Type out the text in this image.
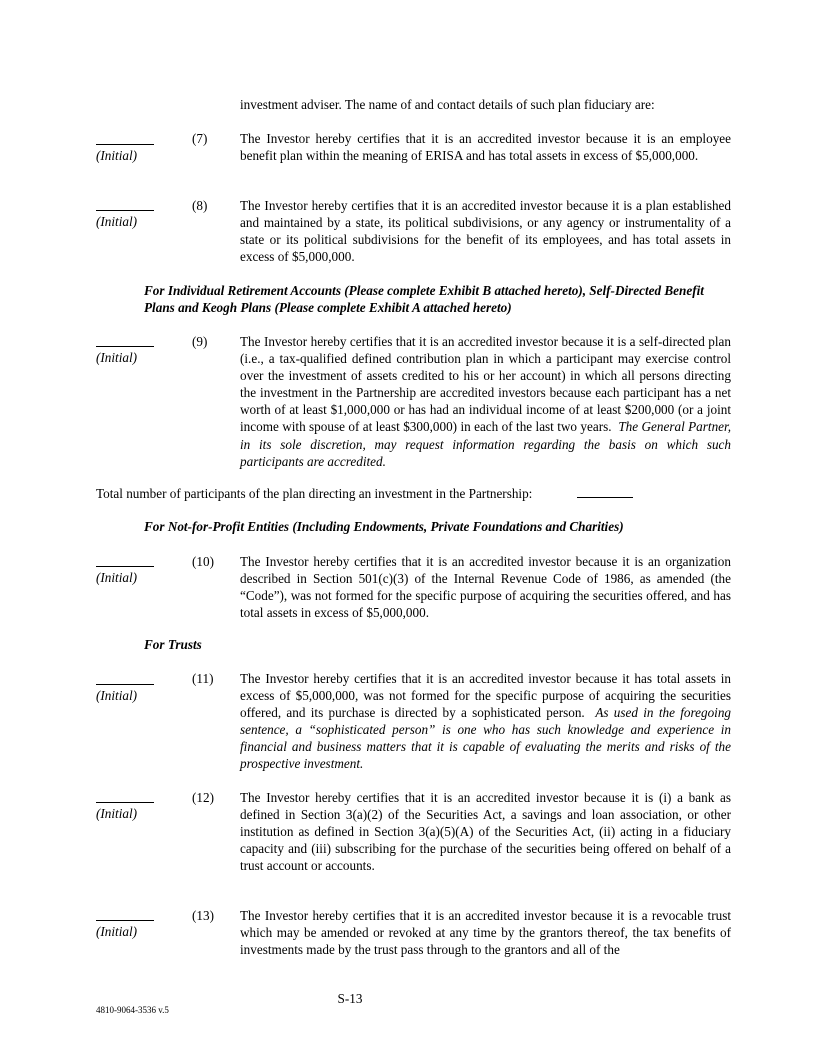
investment adviser. The name of and contact details of such plan fiduciary are:
(Initial)
(7) The Investor hereby certifies that it is an accredited investor because it is an employee benefit plan within the meaning of ERISA and has total assets in excess of $5,000,000.
(Initial)
(8) The Investor hereby certifies that it is an accredited investor because it is a plan established and maintained by a state, its political subdivisions, or any agency or instrumentality of a state or its political subdivisions for the benefit of its employees, and has total assets in excess of $5,000,000.
For Individual Retirement Accounts (Please complete Exhibit B attached hereto), Self-Directed Benefit Plans and Keogh Plans (Please complete Exhibit A attached hereto)
(Initial)
(9) The Investor hereby certifies that it is an accredited investor because it is a self-directed plan (i.e., a tax-qualified defined contribution plan in which a participant may exercise control over the investment of assets credited to his or her account) in which all persons directing the investment in the Partnership are accredited investors because each participant has a net worth of at least $1,000,000 or has had an individual income of at least $200,000 (or a joint income with spouse of at least $300,000) in each of the last two years. The General Partner, in its sole discretion, may request information regarding the basis on which such participants are accredited.
Total number of participants of the plan directing an investment in the Partnership:
For Not-for-Profit Entities (Including Endowments, Private Foundations and Charities)
(Initial)
(10) The Investor hereby certifies that it is an accredited investor because it is an organization described in Section 501(c)(3) of the Internal Revenue Code of 1986, as amended (the “Code”), was not formed for the specific purpose of acquiring the securities offered, and has total assets in excess of $5,000,000.
For Trusts
(Initial)
(11) The Investor hereby certifies that it is an accredited investor because it has total assets in excess of $5,000,000, was not formed for the specific purpose of acquiring the securities offered, and its purchase is directed by a sophisticated person. As used in the foregoing sentence, a “sophisticated person” is one who has such knowledge and experience in financial and business matters that it is capable of evaluating the merits and risks of the prospective investment.
(Initial)
(12) The Investor hereby certifies that it is an accredited investor because it is (i) a bank as defined in Section 3(a)(2) of the Securities Act, a savings and loan association, or other institution as defined in Section 3(a)(5)(A) of the Securities Act, (ii) acting in a fiduciary capacity and (iii) subscribing for the purchase of the securities being offered on behalf of a trust account or accounts.
(Initial)
(13) The Investor hereby certifies that it is an accredited investor because it is a revocable trust which may be amended or revoked at any time by the grantors thereof, the tax benefits of investments made by the trust pass through to the grantors and all of the
S-13
4810-9064-3536 v.5
